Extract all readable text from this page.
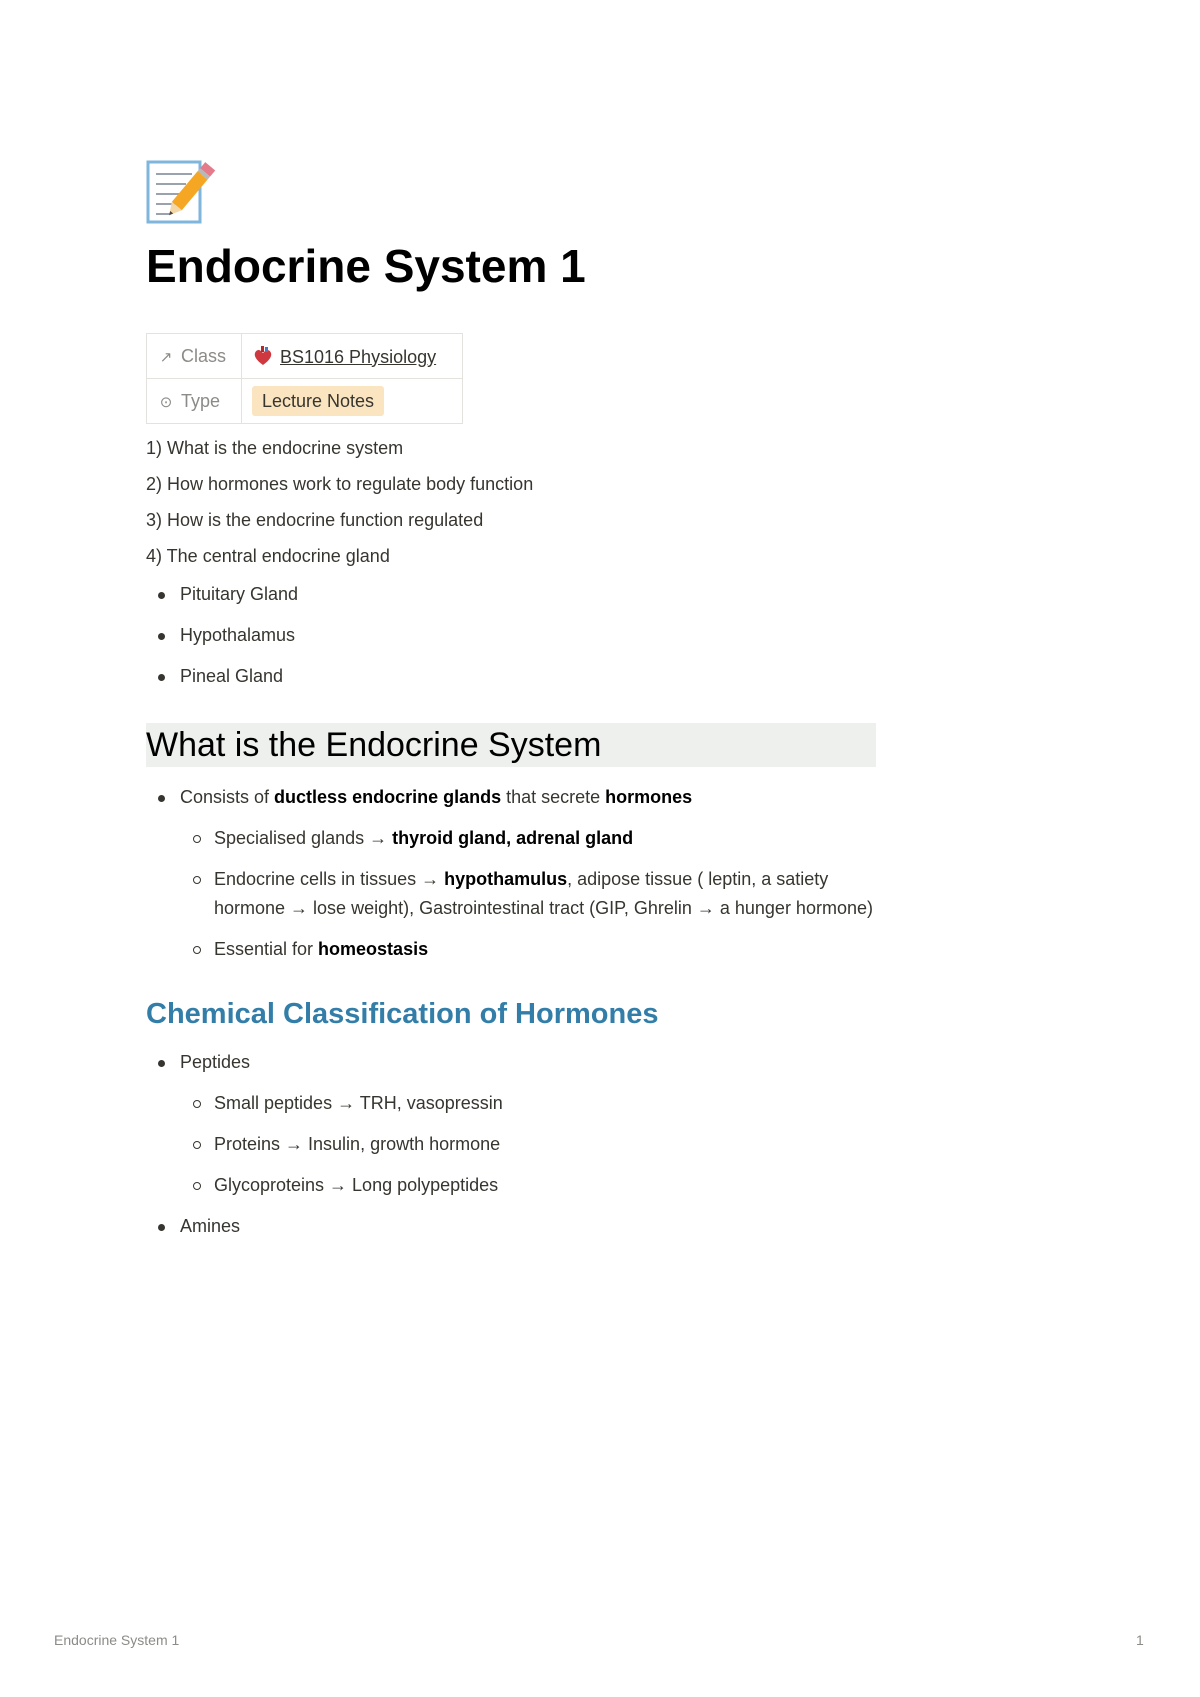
Endocrine System 1
↗ Class	BS1016 Physiology
⊙ Type	Lecture Notes

1) What is the endocrine system

2) How hormones work to regulate body function

3) How is the endocrine function regulated

4) The central endocrine gland

Pituitary Gland
Hypothalamus
Pineal Gland
What is the Endocrine System
Consists of ductless endocrine glands that secrete hormones
Specialised glands → thyroid gland, adrenal gland
Endocrine cells in tissues → hypothamulus, adipose tissue ( leptin, a satiety hormone → lose weight), Gastrointestinal tract (GIP, Ghrelin → a hunger hormone)
Essential for homeostasis
Chemical Classification of Hormones
Peptides
Small peptides → TRH, vasopressin
Proteins → Insulin, growth hormone
Glycoproteins → Long polypeptides
Amines
Endocrine System 1	1
